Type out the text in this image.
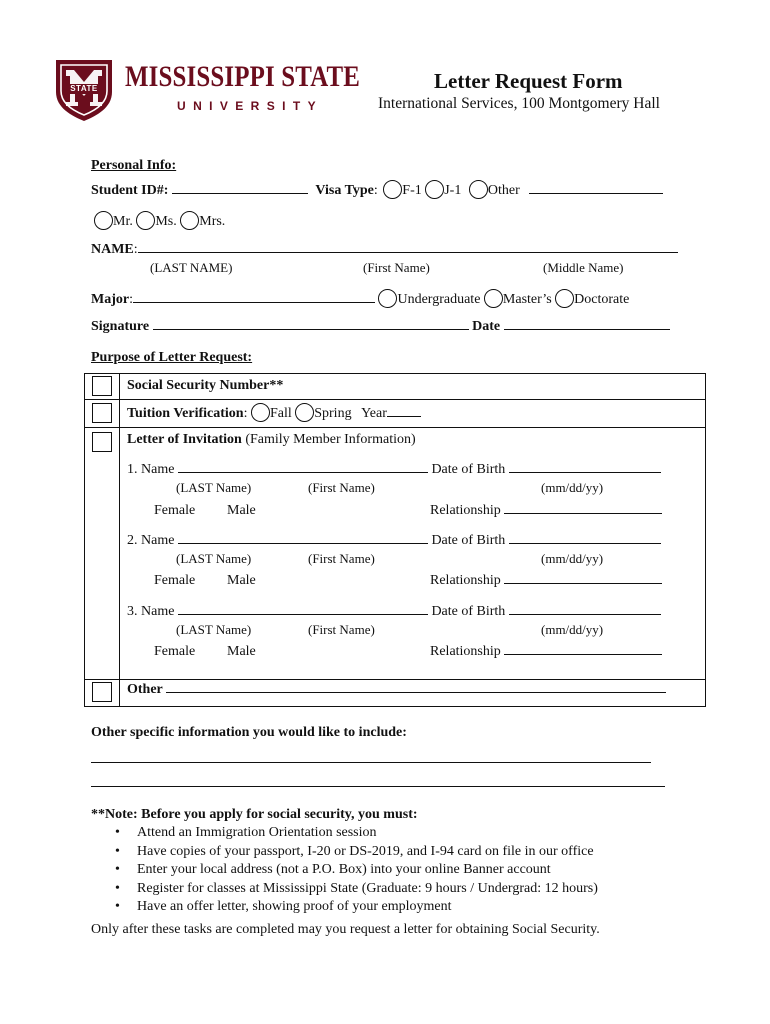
STATE MISSISSIPPI STATE
UNIVERSITY
Letter Request Form
International Services, 100 Montgomery Hall
Personal Info:
Student ID#:	Visa Type: F-1 J-1 Other
Mr. Ms. Mrs.
NAME:
(LAST NAME)	(First Name)	(Middle Name)
Major:	Undergraduate Master’s Doctorate
Signature	Date
Purpose of Letter Request:
Social Security Number**
Tuition Verification: Fall Spring Year
Letter of Invitation (Family Member Information)
1. Name	Date of Birth
(LAST Name)	(First Name)	(mm/dd/yy)
Female Male	Relationship
2. Name	Date of Birth
(LAST Name)	(First Name)	(mm/dd/yy)
Female Male	Relationship
3. Name	Date of Birth
(LAST Name)	(First Name)	(mm/dd/yy)
Female Male	Relationship
Other
Other specific information you would like to include:
**Note: Before you apply for social security, you must:
• Attend an Immigration Orientation session
• Have copies of your passport, I-20 or DS-2019, and I-94 card on file in our office
• Enter your local address (not a P.O. Box) into your online Banner account
• Register for classes at Mississippi State (Graduate: 9 hours / Undergrad: 12 hours)
• Have an offer letter, showing proof of your employment
Only after these tasks are completed may you request a letter for obtaining Social Security.
